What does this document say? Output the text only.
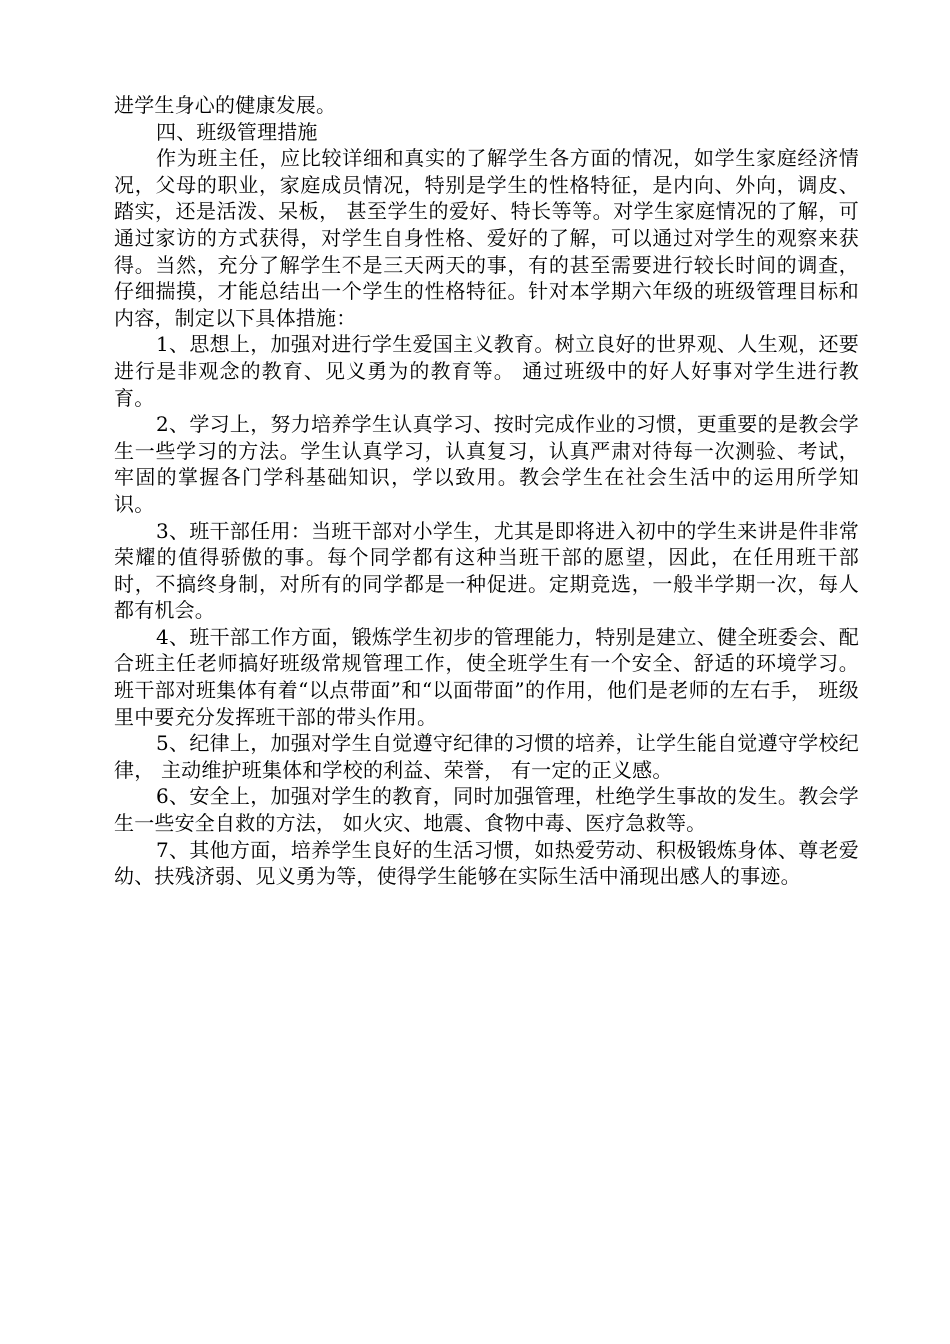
进学生身心的健康发展。

四、班级管理措施

作为班主任，应比较详细和真实的了解学生各方面的情况，如学生家庭经济情况，父母的职业，家庭成员情况，特别是学生的性格特征，是内向、外向，调皮、踏实，还是活泼、呆板， 甚至学生的爱好、特长等等。对学生家庭情况的了解，可通过家访的方式获得，对学生自身性格、爱好的了解，可以通过对学生的观察来获得。当然，充分了解学生不是三天两天的事，有的甚至需要进行较长时间的调查，仔细揣摸，才能总结出一个学生的性格特征。针对本学期六年级的班级管理目标和内容，制定以下具体措施：

1、思想上，加强对进行学生爱国主义教育。树立良好的世界观、人生观，还要进行是非观念的教育、见义勇为的教育等。 通过班级中的好人好事对学生进行教育。

2、学习上，努力培养学生认真学习、按时完成作业的习惯，更重要的是教会学生一些学习的方法。学生认真学习，认真复习，认真严肃对待每一次测验、考试，牢固的掌握各门学科基础知识，学以致用。教会学生在社会生活中的运用所学知识。

3、班干部任用：当班干部对小学生，尤其是即将进入初中的学生来讲是件非常荣耀的值得骄傲的事。每个同学都有这种当班干部的愿望，因此，在任用班干部时，不搞终身制，对所有的同学都是一种促进。定期竞选，一般半学期一次，每人都有机会。

4、班干部工作方面，锻炼学生初步的管理能力，特别是建立、健全班委会、配合班主任老师搞好班级常规管理工作，使全班学生有一个安全、舒适的环境学习。班干部对班集体有着“以点带面”和“以面带面”的作用，他们是老师的左右手， 班级里中要充分发挥班干部的带头作用。

5、纪律上，加强对学生自觉遵守纪律的习惯的培养，让学生能自觉遵守学校纪律， 主动维护班集体和学校的利益、荣誉， 有一定的正义感。

6、安全上，加强对学生的教育，同时加强管理，杜绝学生事故的发生。教会学生一些安全自救的方法， 如火灾、地震、食物中毒、医疗急救等。

7、其他方面，培养学生良好的生活习惯，如热爱劳动、积极锻炼身体、尊老爱幼、扶残济弱、见义勇为等，使得学生能够在实际生活中涌现出感人的事迹。
